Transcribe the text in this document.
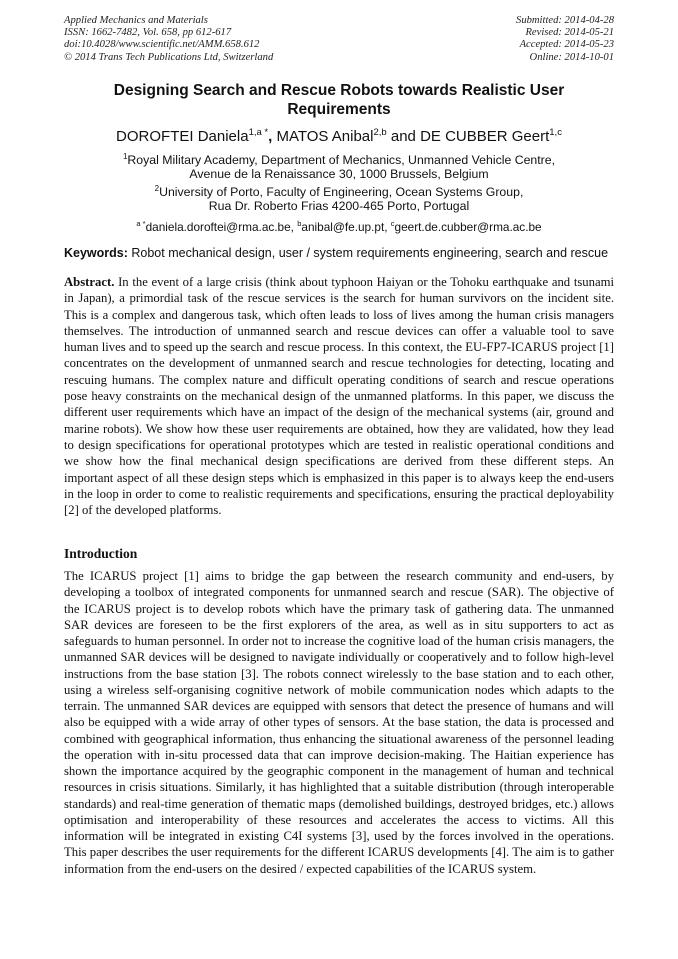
Applied Mechanics and Materials
ISSN: 1662-7482, Vol. 658, pp 612-617
doi:10.4028/www.scientific.net/AMM.658.612
© 2014 Trans Tech Publications Ltd, Switzerland
Submitted: 2014-04-28
Revised: 2014-05-21
Accepted: 2014-05-23
Online: 2014-10-01
Designing Search and Rescue Robots towards Realistic User
Requirements
DOROFTEI Daniela$^{1,a *}$, MATOS Anibal$^{2,b}$ and DE CUBBER Geert$^{1,c}$
$^1$Royal Military Academy, Department of Mechanics, Unmanned Vehicle Centre,
Avenue de la Renaissance 30, 1000 Brussels, Belgium
$^2$University of Porto, Faculty of Engineering, Ocean Systems Group,
Rua Dr. Roberto Frias 4200-465 Porto, Portugal
$^{a *}$daniela.doroftei@rma.ac.be, $^b$anibal@fe.up.pt, $^c$geert.de.cubber@rma.ac.be
Keywords: Robot mechanical design, user / system requirements engineering, search and rescue
Abstract. In the event of a large crisis (think about typhoon Haiyan or the Tohoku earthquake and tsunami in Japan), a primordial task of the rescue services is the search for human survivors on the incident site. This is a complex and dangerous task, which often leads to loss of lives among the human crisis managers themselves. The introduction of unmanned search and rescue devices can offer a valuable tool to save human lives and to speed up the search and rescue process. In this context, the EU-FP7-ICARUS project [1] concentrates on the development of unmanned search and rescue technologies for detecting, locating and rescuing humans. The complex nature and difficult operating conditions of search and rescue operations pose heavy constraints on the mechanical design of the unmanned platforms. In this paper, we discuss the different user requirements which have an impact of the design of the mechanical systems (air, ground and marine robots). We show how these user requirements are obtained, how they are validated, how they lead to design specifications for operational prototypes which are tested in realistic operational conditions and we show how the final mechanical design specifications are derived from these different steps. An important aspect of all these design steps which is emphasized in this paper is to always keep the end-users in the loop in order to come to realistic requirements and specifications, ensuring the practical deployability [2] of the developed platforms.
Introduction
The ICARUS project [1] aims to bridge the gap between the research community and end-users, by developing a toolbox of integrated components for unmanned search and rescue (SAR). The objective of the ICARUS project is to develop robots which have the primary task of gathering data. The unmanned SAR devices are foreseen to be the first explorers of the area, as well as in situ supporters to act as safeguards to human personnel. In order not to increase the cognitive load of the human crisis managers, the unmanned SAR devices will be designed to navigate individually or cooperatively and to follow high-level instructions from the base station [3]. The robots connect wirelessly to the base station and to each other, using a wireless self-organising cognitive network of mobile communication nodes which adapts to the terrain. The unmanned SAR devices are equipped with sensors that detect the presence of humans and will also be equipped with a wide array of other types of sensors. At the base station, the data is processed and combined with geographical information, thus enhancing the situational awareness of the personnel leading the operation with in-situ processed data that can improve decision-making. The Haitian experience has shown the importance acquired by the geographic component in the management of human and technical resources in crisis situations. Similarly, it has highlighted that a suitable distribution (through interoperable standards) and real-time generation of thematic maps (demolished buildings, destroyed bridges, etc.) allows optimisation and interoperability of these resources and accelerates the access to victims. All this information will be integrated in existing C4I systems [3], used by the forces involved in the operations. This paper describes the user requirements for the different ICARUS developments [4]. The aim is to gather information from the end-users on the desired / expected capabilities of the ICARUS system.
